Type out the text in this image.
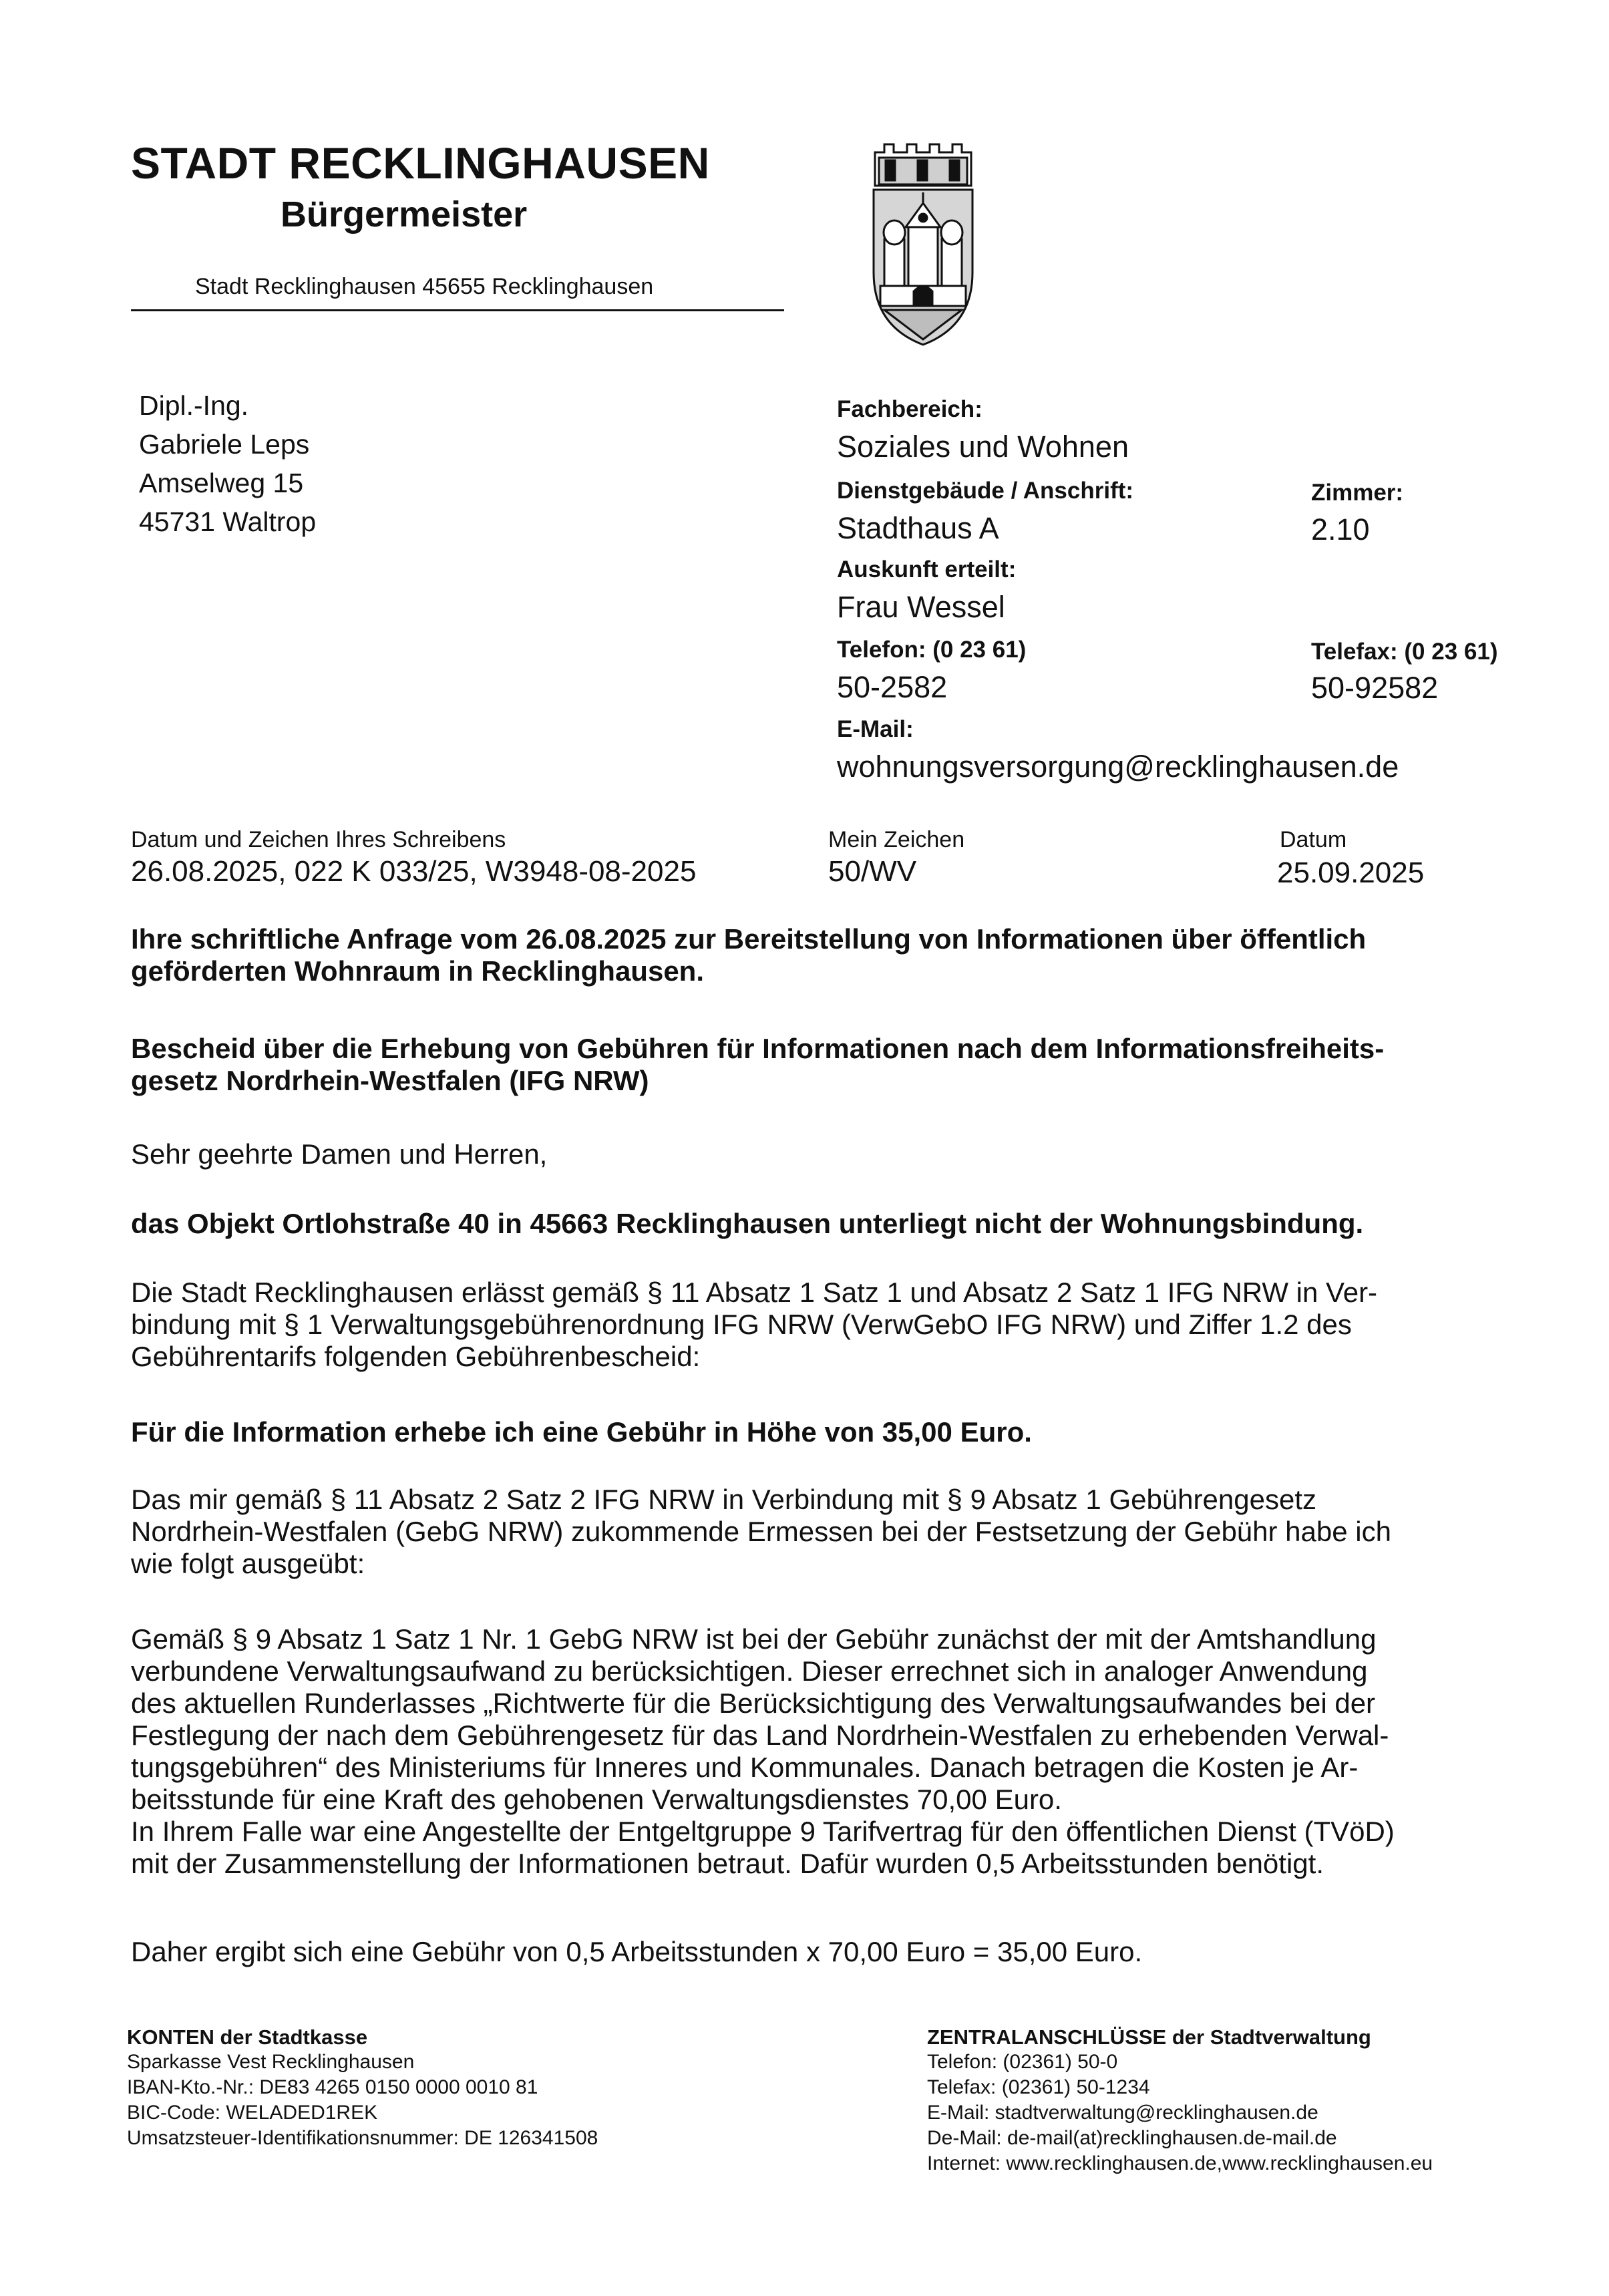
STADT RECKLINGHAUSEN
Bürgermeister
Stadt Recklinghausen 45655 Recklinghausen
Dipl.-Ing.
Gabriele Leps
Amselweg 15
45731 Waltrop
Fachbereich:
Soziales und Wohnen
Dienstgebäude / Anschrift:
Stadthaus A
Zimmer:
2.10
Auskunft erteilt:
Frau Wessel
Telefon: (0 23 61)
50-2582
Telefax: (0 23 61)
50-92582
E-Mail:
wohnungsversorgung@recklinghausen.de
Datum und Zeichen Ihres Schreibens
26.08.2025, 022 K 033/25, W3948-08-2025
Mein Zeichen
50/WV
Datum
25.09.2025
Ihre schriftliche Anfrage vom 26.08.2025 zur Bereitstellung von Informationen über öffentlich
geförderten Wohnraum in Recklinghausen.
Bescheid über die Erhebung von Gebühren für Informationen nach dem Informationsfreiheits-
gesetz Nordrhein-Westfalen (IFG NRW)
Sehr geehrte Damen und Herren,
das Objekt Ortlohstraße 40 in 45663 Recklinghausen unterliegt nicht der Wohnungsbindung.
Die Stadt Recklinghausen erlässt gemäß § 11 Absatz 1 Satz 1 und Absatz 2 Satz 1 IFG NRW in Ver-
bindung mit § 1 Verwaltungsgebührenordnung IFG NRW (VerwGebO IFG NRW) und Ziffer 1.2 des
Gebührentarifs folgenden Gebührenbescheid:
Für die Information erhebe ich eine Gebühr in Höhe von 35,00 Euro.
Das mir gemäß § 11 Absatz 2 Satz 2 IFG NRW in Verbindung mit § 9 Absatz 1 Gebührengesetz
Nordrhein-Westfalen (GebG NRW) zukommende Ermessen bei der Festsetzung der Gebühr habe ich
wie folgt ausgeübt:
Gemäß § 9 Absatz 1 Satz 1 Nr. 1 GebG NRW ist bei der Gebühr zunächst der mit der Amtshandlung
verbundene Verwaltungsaufwand zu berücksichtigen. Dieser errechnet sich in analoger Anwendung
des aktuellen Runderlasses „Richtwerte für die Berücksichtigung des Verwaltungsaufwandes bei der
Festlegung der nach dem Gebührengesetz für das Land Nordrhein-Westfalen zu erhebenden Verwal-
tungsgebühren“ des Ministeriums für Inneres und Kommunales. Danach betragen die Kosten je Ar-
beitsstunde für eine Kraft des gehobenen Verwaltungsdienstes 70,00 Euro.
In Ihrem Falle war eine Angestellte der Entgeltgruppe 9 Tarifvertrag für den öffentlichen Dienst (TVöD)
mit der Zusammenstellung der Informationen betraut. Dafür wurden 0,5 Arbeitsstunden benötigt.
Daher ergibt sich eine Gebühr von 0,5 Arbeitsstunden x 70,00 Euro = 35,00 Euro.
KONTEN der Stadtkasse
Sparkasse Vest Recklinghausen
IBAN-Kto.-Nr.: DE83 4265 0150 0000 0010 81
BIC-Code: WELADED1REK
Umsatzsteuer-Identifikationsnummer: DE 126341508
ZENTRALANSCHLÜSSE der Stadtverwaltung
Telefon: (02361) 50-0
Telefax: (02361) 50-1234
E-Mail: stadtverwaltung@recklinghausen.de
De-Mail: de-mail(at)recklinghausen.de-mail.de
Internet: www.recklinghausen.de,www.recklinghausen.eu
